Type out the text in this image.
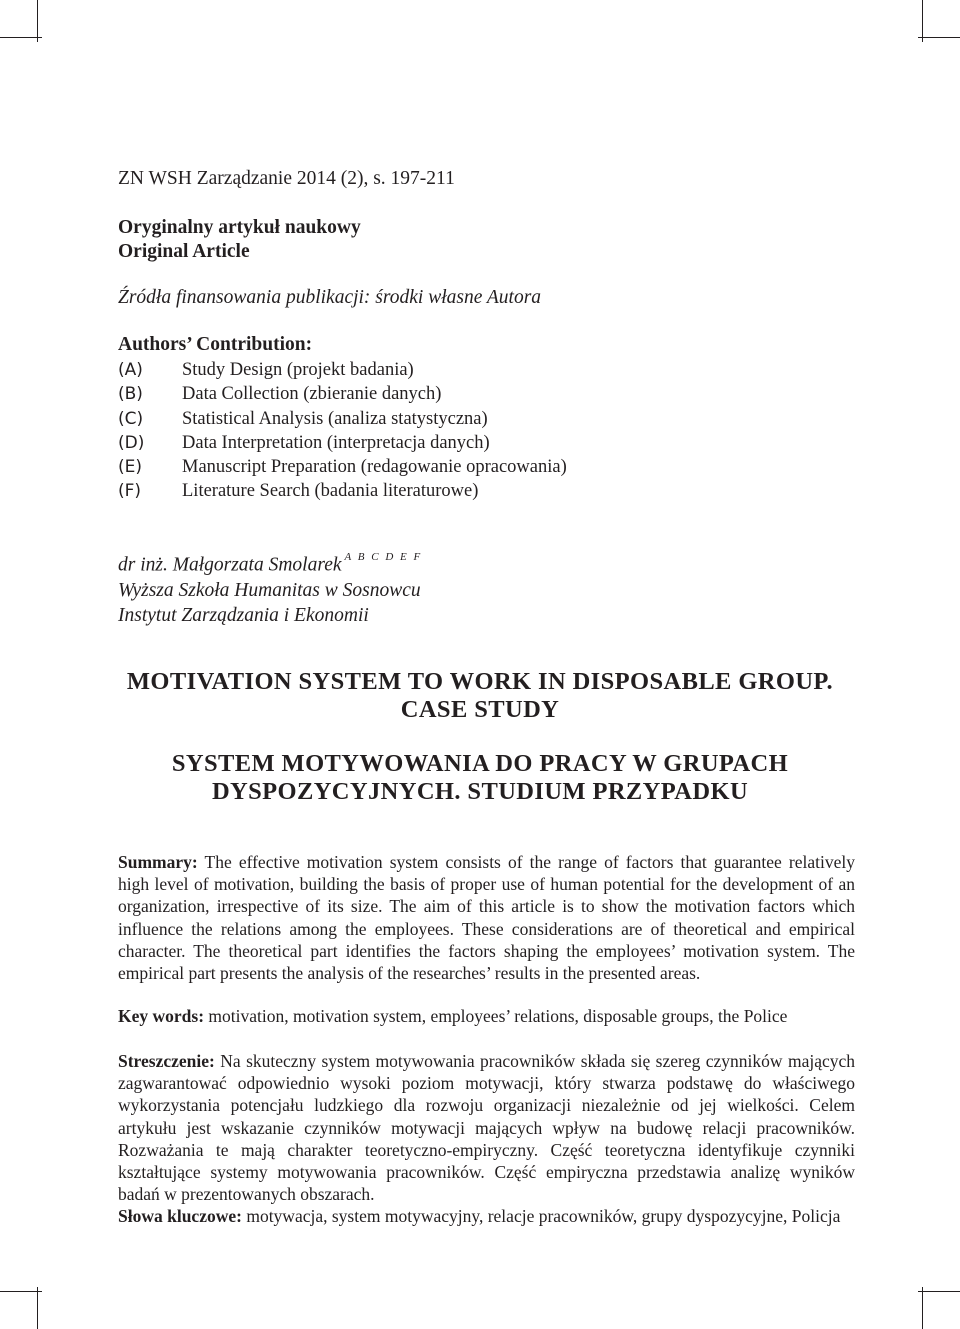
ZN WSH Zarządzanie 2014 (2), s. 197-211
Oryginalny artykuł naukowy
Original Article
Źródła finansowania publikacji: środki własne Autora
Authors’ Contribution:
(A) Study Design (projekt badania)
(B) Data Collection (zbieranie danych)
(C) Statistical Analysis (analiza statystyczna)
(D) Data Interpretation (interpretacja danych)
(E) Manuscript Preparation (redagowanie opracowania)
(F) Literature Search (badania literaturowe)
dr inż. Małgorzata Smolarek $^{A B C D E F}$
Wyższa Szkoła Humanitas w Sosnowcu
Instytut Zarządzania i Ekonomii
MOTIVATION SYSTEM TO WORK IN DISPOSABLE GROUP.
CASE STUDY
SYSTEM MOTYWOWANIA DO PRACY W GRUPACH
DYSPOZYCYJNYCH. STUDIUM PRZYPADKU

Summary: The effective motivation system consists of the range of factors that guarantee relatively high level of motivation, building the basis of proper use of human potential for the development of an organization, irrespective of its size. The aim of this article is to show the motivation factors which influence the relations among the employees. These considerations are of theoretical and empirical character. The theoretical part identifies the factors shaping the employees’ motivation system. The empirical part presents the analysis of the researches’ results in the presented areas.

Key words: motivation, motivation system, employees’ relations, disposable groups, the Police

Streszczenie: Na skuteczny system motywowania pracowników składa się szereg czynników mających zagwarantować odpowiednio wysoki poziom motywacji, który stwarza podstawę do właściwego wykorzystania potencjału ludzkiego dla rozwoju organizacji niezależnie od jej wielkości. Celem artykułu jest wskazanie czynników motywacji mających wpływ na budowę relacji pracowników. Rozważania te mają charakter teoretyczno-empiryczny. Część teoretyczna identyfikuje czynniki kształtujące systemy motywowania pracowników. Część empiryczna przedstawia analizę wyników badań w prezentowanych obszarach.

Słowa kluczowe: motywacja, system motywacyjny, relacje pracowników, grupy dyspozycyjne, Policja
